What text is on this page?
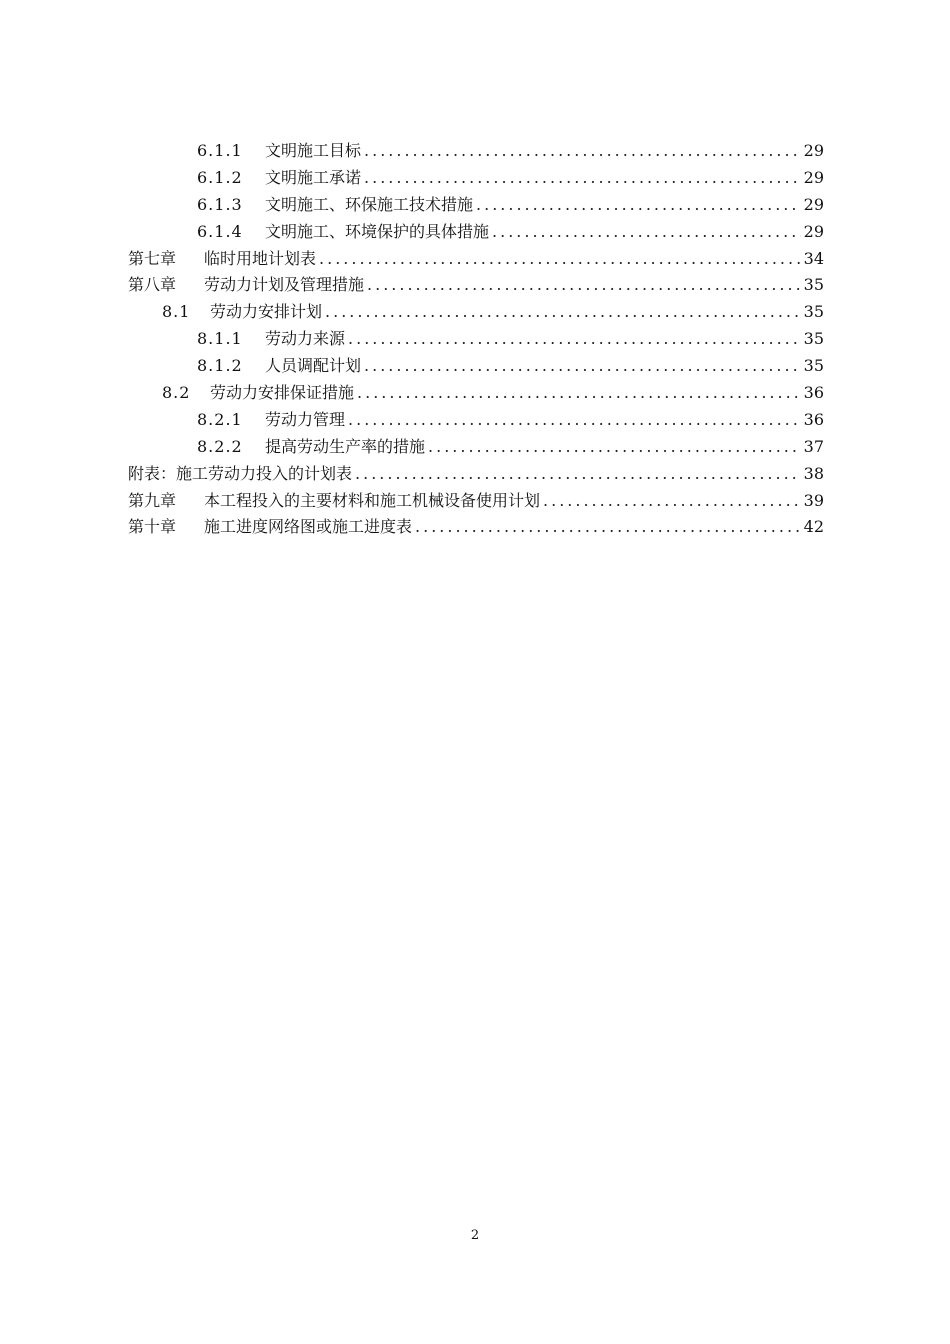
6.1.1	文明施工目标 .....	29
6.1.2	文明施工承诺 .....	29
6.1.3	文明施工、环保施工技术措施 .....	29
6.1.4	文明施工、环境保护的具体措施 .....	29
第七章	临时用地计划表 .....	34
第八章	劳动力计划及管理措施 .....	35
8.1	劳动力安排计划 .....	35
8.1.1	劳动力来源 .....	35
8.1.2	人员调配计划 .....	35
8.2	劳动力安排保证措施 .....	36
8.2.1	劳动力管理 .....	36
8.2.2	提高劳动生产率的措施 .....	37
附表：施工劳动力投入的计划表 .....	38
第九章	本工程投入的主要材料和施工机械设备使用计划 .....	39
第十章	施工进度网络图或施工进度表 .....	42
2
